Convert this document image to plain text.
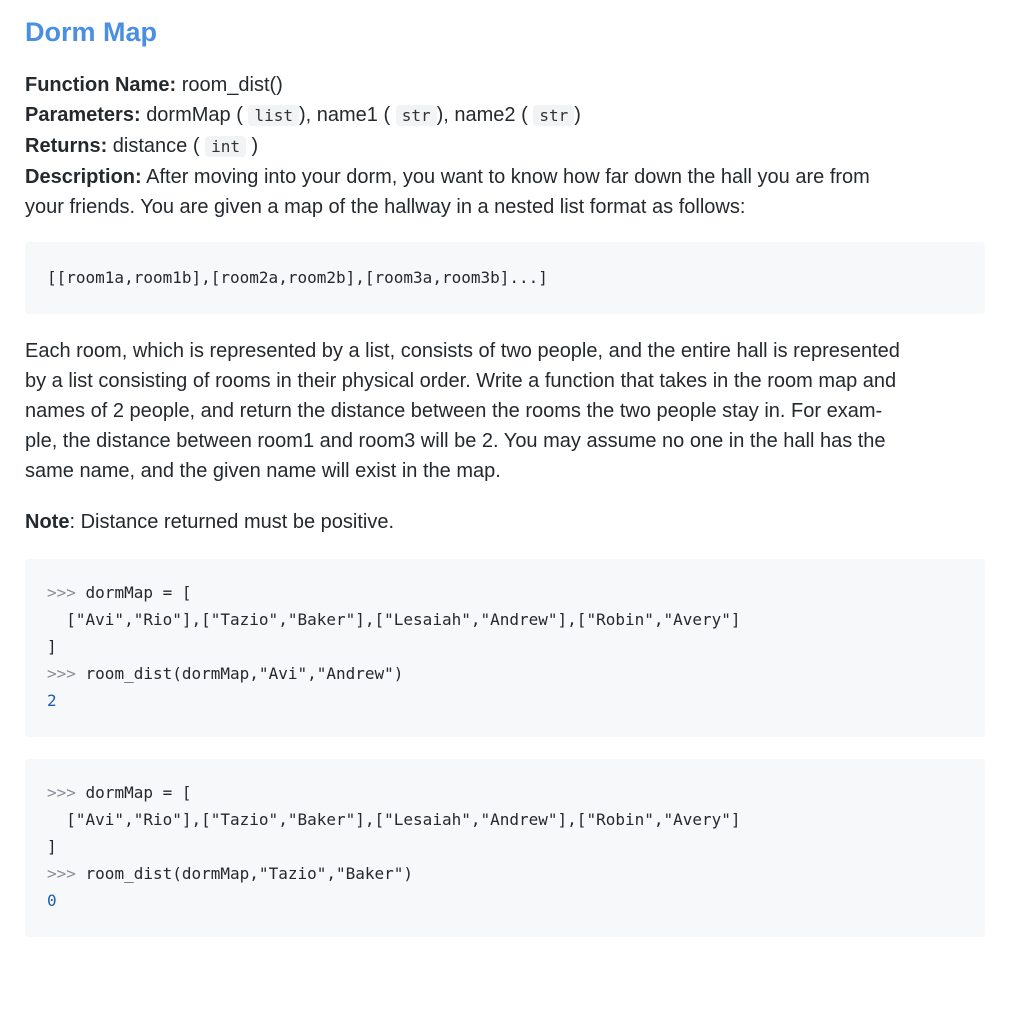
Dorm Map

Function Name: room_dist()

Parameters: dormMap ( list ), name1 ( str ), name2 ( str )

Returns: distance ( int )

Description: After moving into your dorm, you want to know how far down the hall you are from

your friends. You are given a map of the hallway in a nested list format as follows:

[[room1a,room1b],[room2a,room2b],[room3a,room3b]...]
Each room, which is represented by a list, consists of two people, and the entire hall is represented
by a list consisting of rooms in their physical order. Write a function that takes in the room map and
names of 2 people, and return the distance between the rooms the two people stay in. For exam-
ple, the distance between room1 and room3 will be 2. You may assume no one in the hall has the
same name, and the given name will exist in the map.
Note: Distance returned must be positive.
>>> dormMap = [
["Avi","Rio"],["Tazio","Baker"],["Lesaiah","Andrew"],["Robin","Avery"]
]
>>> room_dist(dormMap,"Avi","Andrew")
2
>>> dormMap = [
["Avi","Rio"],["Tazio","Baker"],["Lesaiah","Andrew"],["Robin","Avery"]
]
>>> room_dist(dormMap,"Tazio","Baker")
0
